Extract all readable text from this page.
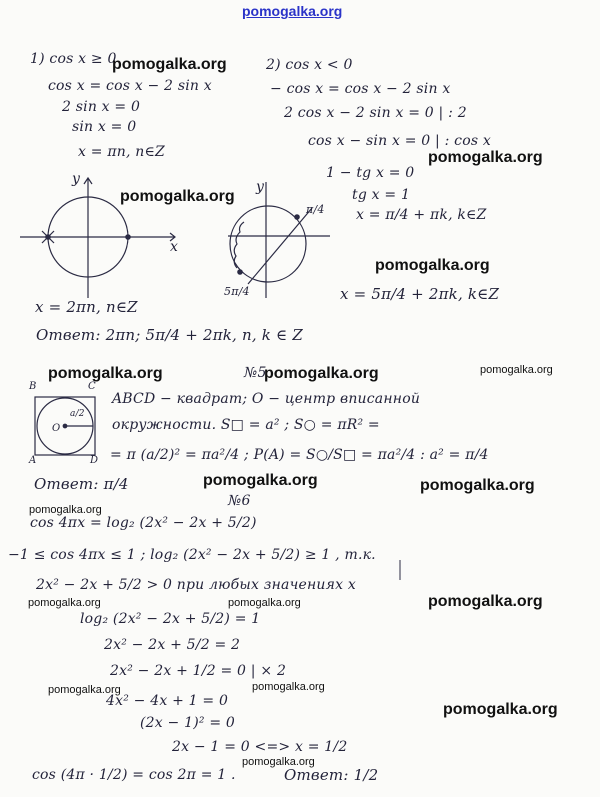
pomogalka.org
1) cos x ≥ 0
cos x = cos x − 2 sin x
2 sin x = 0
sin x = 0
x = πn, n∈Z
y
x
x = 2πn, n∈Z
2) cos x < 0
− cos x = cos x − 2 sin x
2 cos x − 2 sin x = 0 | : 2
cos x − sin x = 0 | : cos x
1 − tg x = 0
tg x = 1
x = π/4 + πk, k∈Z
y
π/4
5π/4	x = 5π/4 + 2πk, k∈Z
Ответ: 2πn; 5π/4 + 2πk, n, k ∈ Z
№5
B	C
A	D
O
a/2
ABCD − квадрат; O − центр вписанной
окружности. S□ = a² ; S○ = πR² =
= π (a/2)² = πa²/4 ; P(A) = S○/S□ = πa²/4 : a² = π/4
Ответ: π/4
№6
cos 4πx = log₂ (2x² − 2x + 5/2)
−1 ≤ cos 4πx ≤ 1 ; log₂ (2x² − 2x + 5/2) ≥ 1 , т.к.
2x² − 2x + 5/2 > 0 при любых значениях x
log₂ (2x² − 2x + 5/2) = 1
2x² − 2x + 5/2 = 2
2x² − 2x + 1/2 = 0 | × 2
4x² − 4x + 1 = 0
(2x − 1)² = 0
2x − 1 = 0 <=> x = 1/2
cos (4π · 1/2) = cos 2π = 1 .	Ответ: 1/2
pomogalka.org
pomogalka.org
pomogalka.org
pomogalka.org
pomogalka.org	pomogalka.org	pomogalka.org
pomogalka.org	pomogalka.org
pomogalka.org
pomogalka.org	pomogalka.org	pomogalka.org
pomogalka.org	pomogalka.org
pomogalka.org
pomogalka.org
